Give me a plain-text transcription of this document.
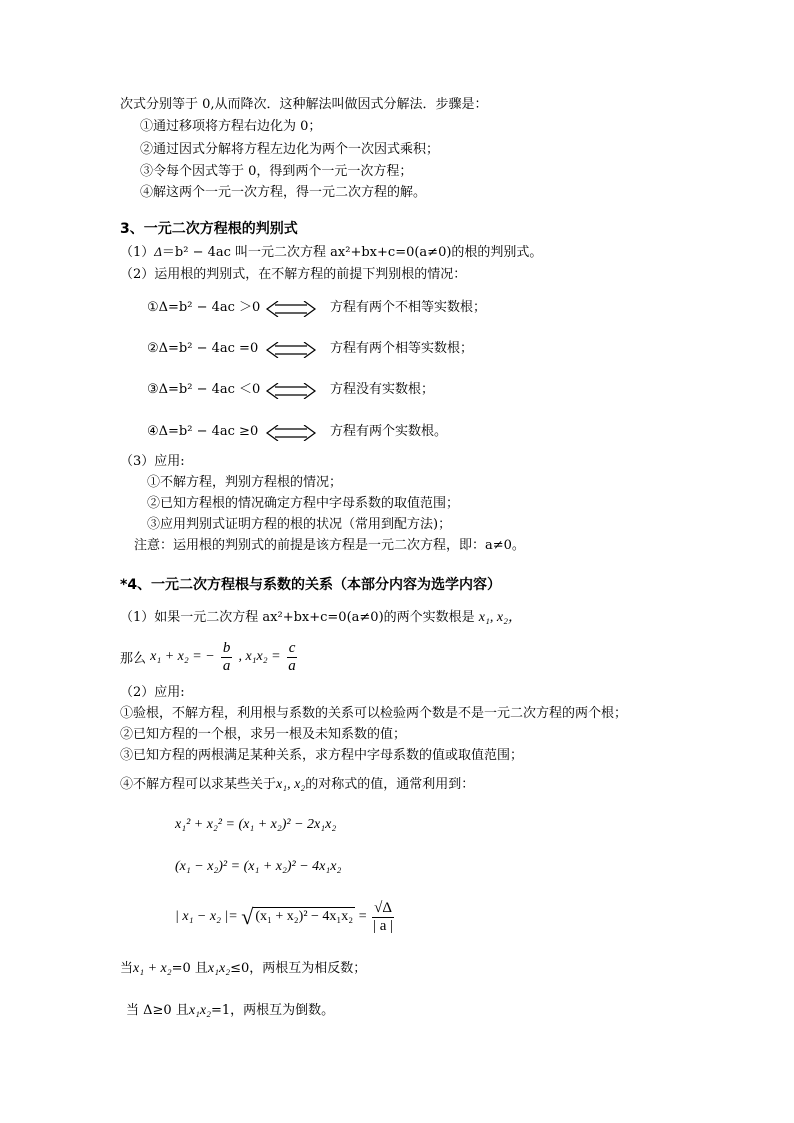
次式分别等于 0,从而降次．这种解法叫做因式分解法．步骤是：
①通过移项将方程右边化为 0；
②通过因式分解将方程左边化为两个一次因式乘积；
③令每个因式等于 0，得到两个一元一次方程；
④解这两个一元一次方程，得一元二次方程的解。
3、一元二次方程根的判别式
（1）Δ＝b² − 4ac 叫一元二次方程 ax²+bx+c=0(a≠0)的根的判别式。
（2）运用根的判别式，在不解方程的前提下判别根的情况：
①Δ=b² − 4ac ＞0	方程有两个不相等实数根；
②Δ=b² − 4ac =0	方程有两个相等实数根；
③Δ=b² − 4ac ＜0	方程没有实数根；
④Δ=b² − 4ac ≥0	方程有两个实数根。
（3）应用:
①不解方程，判别方程根的情况；
②已知方程根的情况确定方程中字母系数的取值范围；
③应用判别式证明方程的根的状况（常用到配方法)；
注意：运用根的判别式的前提是该方程是一元二次方程，即：a≠0。
*4、一元二次方程根与系数的关系（本部分内容为选学内容）
（1）如果一元二次方程 ax²+bx+c=0(a≠0)的两个实数根是 x₁, x₂，
那么 x₁ + x₂ = − $\frac{b}{a}$ , $x_1x_2 = \frac{c}{a}$
（2）应用:
①验根，不解方程，利用根与系数的关系可以检验两个数是不是一元二次方程的两个根；
②已知方程的一个根，求另一根及未知系数的值；
③已知方程的两根满足某种关系，求方程中字母系数的值或取值范围；
④不解方程可以求某些关于x₁, x₂的对称式的值，通常利用到：
x₁² + x₂² = (x₁ + x₂)² − 2x₁x₂
(x₁ − x₂)² = (x₁ + x₂)² − 4x₁x₂
| x₁ − x₂ |= √ $(x_1 + x_2)^2 - 4x_1x_2 = \frac{√\Delta}{| a |}$
当x₁ + x₂=0 且x₁x₂≤0，两根互为相反数；
当 Δ≥0 且x₁x₂=1，两根互为倒数。
